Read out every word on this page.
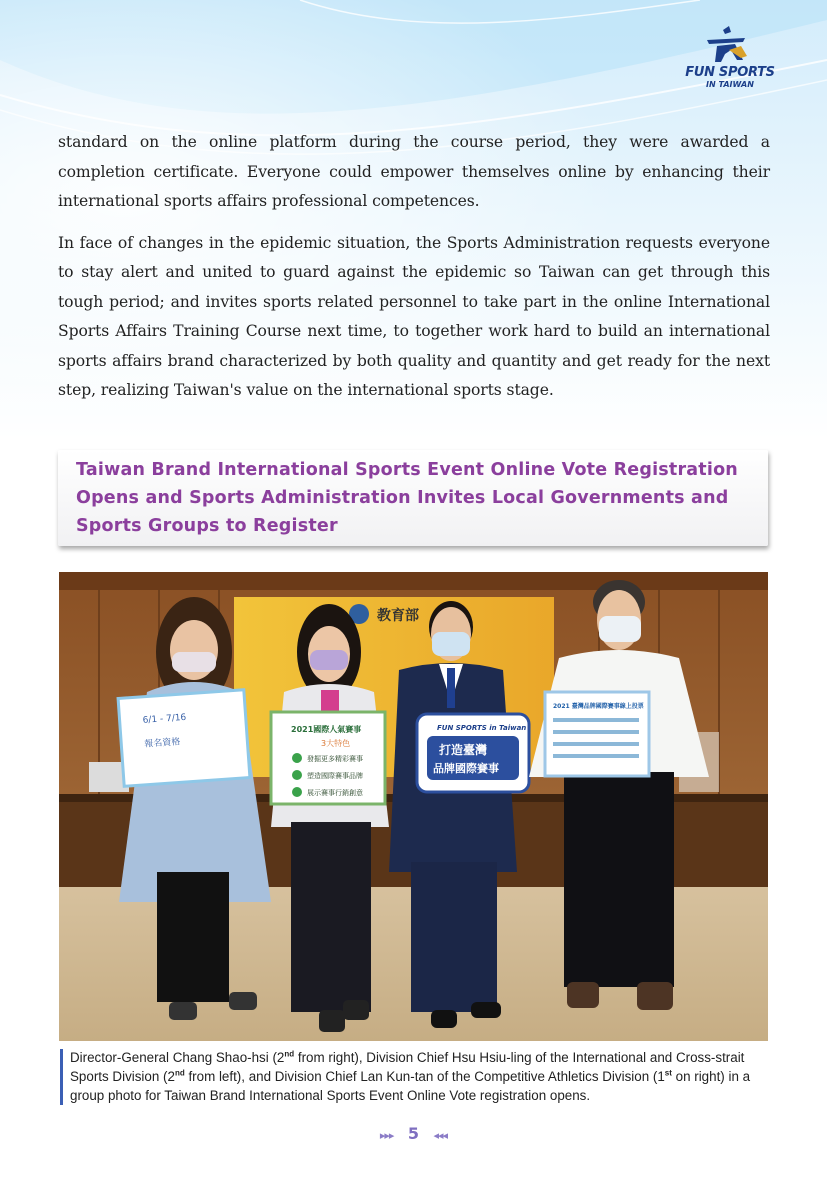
FUN SPORTS
IN TAIWAN

standard on the online platform during the course period, they were awarded a completion certificate. Everyone could empower themselves online by enhancing their international sports affairs professional competences.

In face of changes in the epidemic situation, the Sports Administration requests everyone to stay alert and united to guard against the epidemic so Taiwan can get through this tough period; and invites sports related personnel to take part in the online International Sports Affairs Training Course next time, to together work hard to build an international sports affairs brand characterized by both quality and quantity and get ready for the next step, realizing Taiwan's value on the international sports stage.

Taiwan Brand International Sports Event Online Vote Registration Opens and Sports Administration Invites Local Governments and Sports Groups to Register
教育部
6/1 - 7/16
報名資格
2021國際人氣賽事
3大特色
發掘更多精彩賽事
塑造國際賽事品牌
展示賽事行銷創意
FUN SPORTS in Taiwan
打造臺灣
品牌國際賽事
2021 臺灣品牌國際賽事線上投票
Director-General Chang Shao-hsi (2nd from right), Division Chief Hsu Hsiu-ling of the International and Cross-strait Sports Division (2nd from left), and Division Chief Lan Kun-tan of the Competitive Athletics Division (1st on right) in a group photo for Taiwan Brand International Sports Event Online Vote registration opens.
▸▸▸ 5 ◂◂◂
